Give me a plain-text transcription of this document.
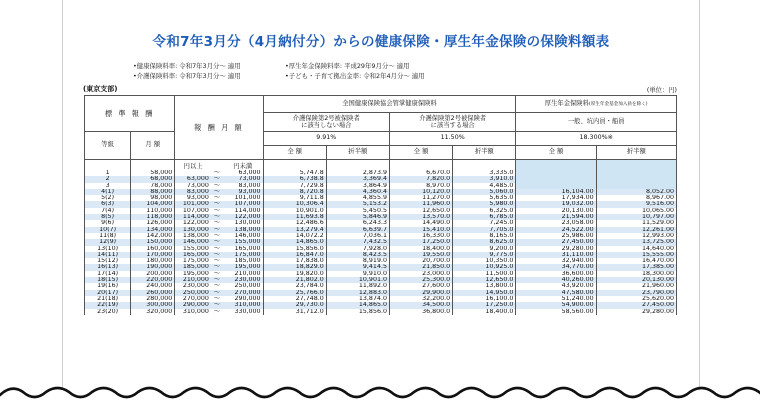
令和7年3月分（4月納付分）からの健康保険・厚生年金保険の保険料額表
•健康保険料率: 令和7年3月分～ 適用
•介護保険料率: 令和7年3月分～ 適用
•厚生年金保険料率: 平成29年9月分～ 適用
•子ども・子育て拠出金率: 令和2年4月分～ 適用
(東京支部)	(単位：円)
標 準 報 酬		報 酬 月 額			全国健康保険協会管掌健康保険料				厚生年金保険料(厚生年金基金加入員を除く)	
					介護保険第2号被保険者
に該当しない場合		介護保険第2号被保険者
に該当する場合		一般、坑内員・船員	
等級	月 額				9.91%		11.50%		18.300%※	
					全 額	折半額	全 額	折半額	全 額	折半額
		円以上		円未満						
1	58,000		～	63,000	5,747.8	2,873.9	6,670.0	3,335.0		
2	68,000	63,000	～	73,000	6,738.8	3,369.4	7,820.0	3,910.0		
3	78,000	73,000	～	83,000	7,729.8	3,864.9	8,970.0	4,485.0		
4(1)	88,000	83,000	～	93,000	8,720.8	4,360.4	10,120.0	5,060.0	16,104.00	8,052.00
5(2)	98,000	93,000	～	101,000	9,711.8	4,855.9	11,270.0	5,635.0	17,934.00	8,967.00
6(3)	104,000	101,000	～	107,000	10,306.4	5,153.2	11,960.0	5,980.0	19,032.00	9,516.00
7(4)	110,000	107,000	～	114,000	10,901.0	5,450.5	12,650.0	6,325.0	20,130.00	10,065.00
8(5)	118,000	114,000	～	122,000	11,693.8	5,846.9	13,570.0	6,785.0	21,594.00	10,797.00
9(6)	126,000	122,000	～	130,000	12,486.6	6,243.3	14,490.0	7,245.0	23,058.00	11,529.00
10(7)	134,000	130,000	～	138,000	13,279.4	6,639.7	15,410.0	7,705.0	24,522.00	12,261.00
11(8)	142,000	138,000	～	146,000	14,072.2	7,036.1	16,330.0	8,165.0	25,986.00	12,993.00
12(9)	150,000	146,000	～	155,000	14,865.0	7,432.5	17,250.0	8,625.0	27,450.00	13,725.00
13(10)	160,000	155,000	～	165,000	15,856.0	7,928.0	18,400.0	9,200.0	29,280.00	14,640.00
14(11)	170,000	165,000	～	175,000	16,847.0	8,423.5	19,550.0	9,775.0	31,110.00	15,555.00
15(12)	180,000	175,000	～	185,000	17,838.0	8,919.0	20,700.0	10,350.0	32,940.00	16,470.00
16(13)	190,000	185,000	～	195,000	18,829.0	9,414.5	21,850.0	10,925.0	34,770.00	17,385.00
17(14)	200,000	195,000	～	210,000	19,820.0	9,910.0	23,000.0	11,500.0	36,600.00	18,300.00
18(15)	220,000	210,000	～	230,000	21,802.0	10,901.0	25,300.0	12,650.0	40,260.00	20,130.00
19(16)	240,000	230,000	～	250,000	23,784.0	11,892.0	27,600.0	13,800.0	43,920.00	21,960.00
20(17)	260,000	250,000	～	270,000	25,766.0	12,883.0	29,900.0	14,950.0	47,580.00	23,790.00
21(18)	280,000	270,000	～	290,000	27,748.0	13,874.0	32,200.0	16,100.0	51,240.00	25,620.00
22(19)	300,000	290,000	～	310,000	29,730.0	14,865.0	34,500.0	17,250.0	54,900.00	27,450.00
23(20)	320,000	310,000	～	330,000	31,712.0	15,856.0	36,800.0	18,400.0	58,560.00	29,280.00
